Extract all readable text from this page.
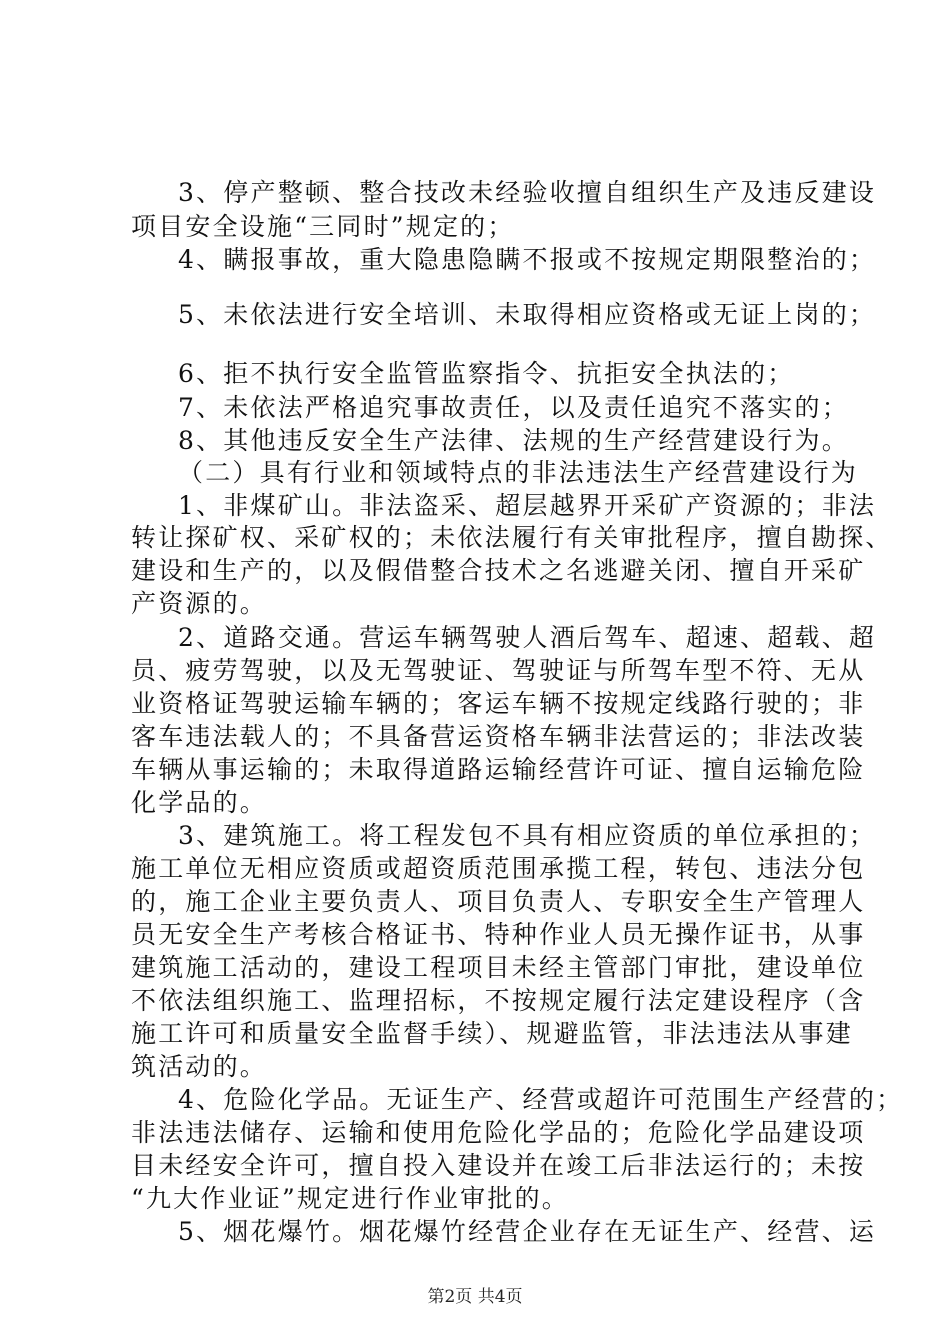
3、停产整顿、整合技改未经验收擅自组织生产及违反建设
项目安全设施“三同时”规定的；
4、瞒报事故，重大隐患隐瞒不报或不按规定期限整治的；
5、未依法进行安全培训、未取得相应资格或无证上岗的；
6、拒不执行安全监管监察指令、抗拒安全执法的；
7、未依法严格追究事故责任，以及责任追究不落实的；
8、其他违反安全生产法律、法规的生产经营建设行为。
（二）具有行业和领域特点的非法违法生产经营建设行为
1、非煤矿山。非法盗采、超层越界开采矿产资源的；非法
转让探矿权、采矿权的；未依法履行有关审批程序，擅自勘探、
建设和生产的，以及假借整合技术之名逃避关闭、擅自开采矿
产资源的。
2、道路交通。营运车辆驾驶人酒后驾车、超速、超载、超
员、疲劳驾驶，以及无驾驶证、驾驶证与所驾车型不符、无从
业资格证驾驶运输车辆的；客运车辆不按规定线路行驶的；非
客车违法载人的；不具备营运资格车辆非法营运的；非法改装
车辆从事运输的；未取得道路运输经营许可证、擅自运输危险
化学品的。
3、建筑施工。将工程发包不具有相应资质的单位承担的；
施工单位无相应资质或超资质范围承揽工程，转包、违法分包
的，施工企业主要负责人、项目负责人、专职安全生产管理人
员无安全生产考核合格证书、特种作业人员无操作证书，从事
建筑施工活动的，建设工程项目未经主管部门审批，建设单位
不依法组织施工、监理招标，不按规定履行法定建设程序（含
施工许可和质量安全监督手续）、规避监管，非法违法从事建
筑活动的。
4、危险化学品。无证生产、经营或超许可范围生产经营的；
非法违法储存、运输和使用危险化学品的；危险化学品建设项
目未经安全许可，擅自投入建设并在竣工后非法运行的；未按
“九大作业证”规定进行作业审批的。
5、烟花爆竹。烟花爆竹经营企业存在无证生产、经营、运
第2页 共4页
